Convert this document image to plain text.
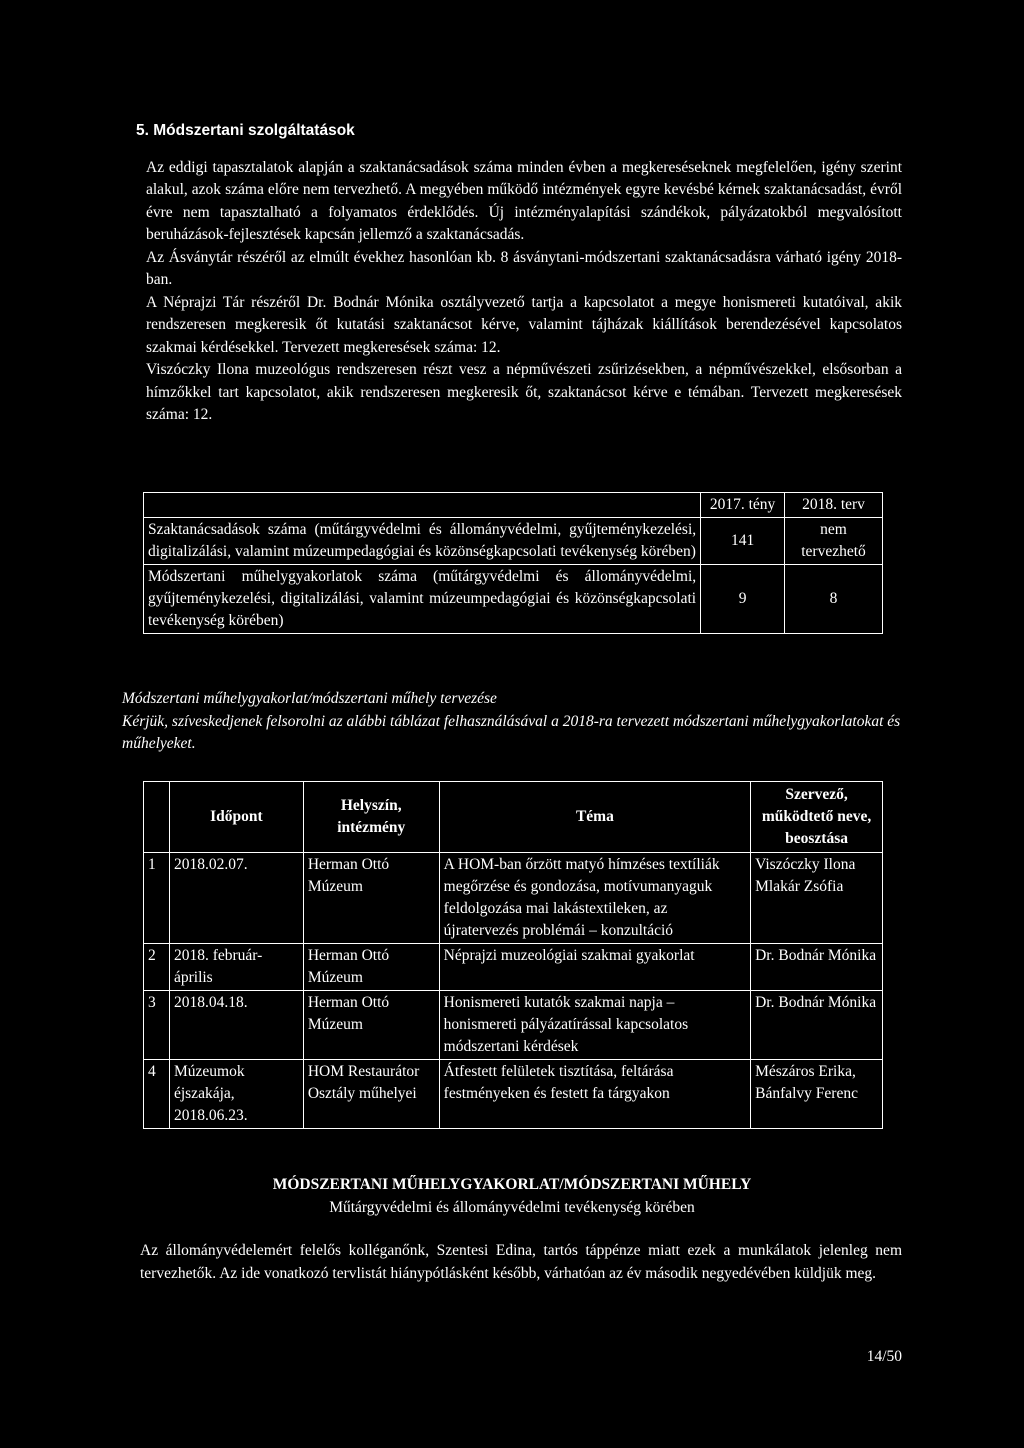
5. Módszertani szolgáltatások

Az eddigi tapasztalatok alapján a szaktanácsadások száma minden évben a megkereséseknek megfelelően, igény szerint alakul, azok száma előre nem tervezhető. A megyében működő intézmények egyre kevésbé kérnek szaktanácsadást, évről évre nem tapasztalható a folyamatos érdeklődés. Új intézményalapítási szándékok, pályázatokból megvalósított beruházások-fejlesztések kapcsán jellemző a szaktanácsadás.

Az Ásványtár részéről az elmúlt évekhez hasonlóan kb. 8 ásványtani-módszertani szaktanácsadásra várható igény 2018-ban.

A Néprajzi Tár részéről Dr. Bodnár Mónika osztályvezető tartja a kapcsolatot a megye honismereti kutatóival, akik rendszeresen megkeresik őt kutatási szaktanácsot kérve, valamint tájházak kiállítások berendezésével kapcsolatos szakmai kérdésekkel. Tervezett megkeresések száma: 12.

Viszóczky Ilona muzeológus rendszeresen részt vesz a népművészeti zsűrizésekben, a népművészekkel, elsősorban a hímzőkkel tart kapcsolatot, akik rendszeresen megkeresik őt, szaktanácsot kérve e témában. Tervezett megkeresések száma: 12.

	2017. tény	2018. terv
Szaktanácsadások száma (műtárgyvédelmi és állományvédelmi, gyűjteménykezelési, digitalizálási, valamint múzeumpedagógiai és közönségkapcsolati tevékenység körében)	141	nem tervezhető
Módszertani műhelygyakorlatok száma (műtárgyvédelmi és állományvédelmi, gyűjteménykezelési, digitalizálási, valamint múzeumpedagógiai és közönségkapcsolati tevékenység körében)	9	8

Módszertani műhelygyakorlat/módszertani műhely tervezése

Kérjük, szíveskedjenek felsorolni az alábbi táblázat felhasználásával a 2018-ra tervezett módszertani műhelygyakorlatokat és műhelyeket.

	Időpont	Helyszín, intézmény	Téma	Szervező, működtető neve, beosztása
1	2018.02.07.	Herman Ottó Múzeum	A HOM-ban őrzött matyó hímzéses textíliák megőrzése és gondozása, motívumanyaguk feldolgozása mai lakástextileken, az újratervezés problémái – konzultáció	Viszóczky Ilona Mlakár Zsófia
2	2018. február-április	Herman Ottó Múzeum	Néprajzi muzeológiai szakmai gyakorlat	Dr. Bodnár Mónika
3	2018.04.18.	Herman Ottó Múzeum	Honismereti kutatók szakmai napja – honismereti pályázatírással kapcsolatos módszertani kérdések	Dr. Bodnár Mónika
4	Múzeumok éjszakája, 2018.06.23.	HOM Restaurátor Osztály műhelyei	Átfestett felületek tisztítása, feltárása festményeken és festett fa tárgyakon	Mészáros Erika, Bánfalvy Ferenc

MÓDSZERTANI MŰHELYGYAKORLAT/MÓDSZERTANI MŰHELY

Műtárgyvédelmi és állományvédelmi tevékenység körében

Az állományvédelemért felelős kolléganőnk, Szentesi Edina, tartós táppénze miatt ezek a munkálatok jelenleg nem tervezhetők. Az ide vonatkozó tervlistát hiánypótlásként később, várhatóan az év második negyedévében küldjük meg.

14/50
